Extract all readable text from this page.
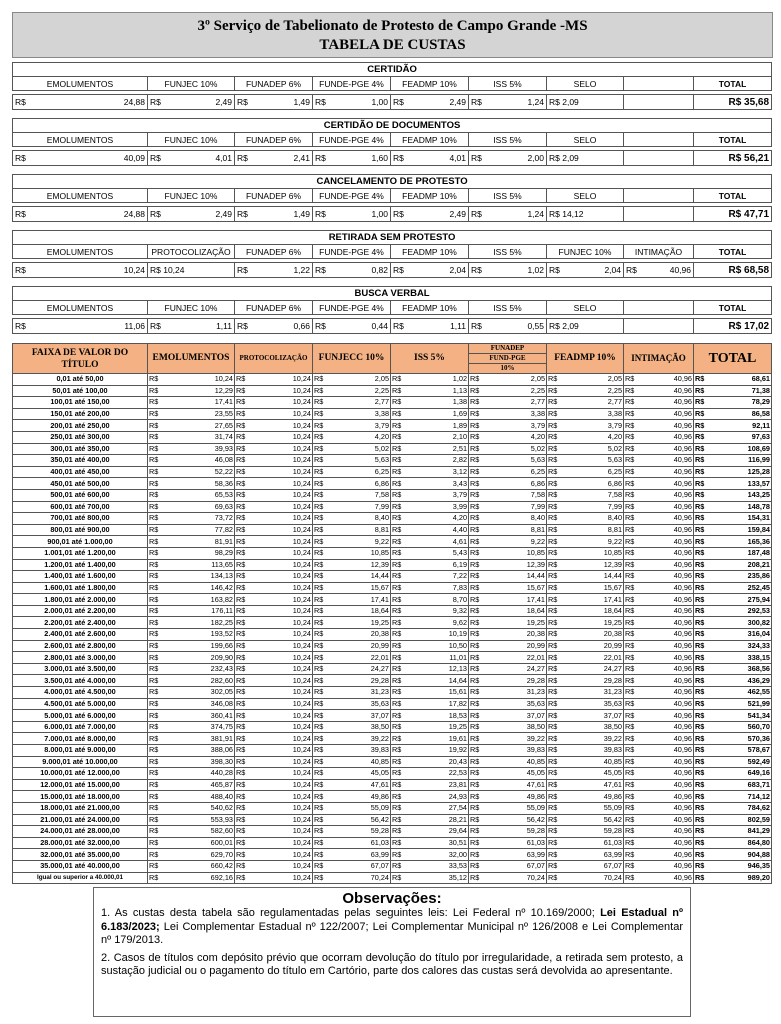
3º Serviço de Tabelionato de Protesto de Campo Grande -MS
TABELA DE CUSTAS
CERTIDÃO								
EMOLUMENTOS	FUNJEC 10%	FUNADEP 6%	FUNDE-PGE 4%	FEADMP 10%	ISS 5%	SELO		TOTAL

R$ 24,88	R$ 2,49	R$ 1,49	R$ 1,00	R$ 2,49	R$ 1,24	R$ 2,09		R$ 35,68
CERTIDÃO DE DOCUMENTOS								
EMOLUMENTOS	FUNJEC 10%	FUNADEP 6%	FUNDE-PGE 4%	FEADMP 10%	ISS 5%	SELO		TOTAL

R$ 40,09	R$ 4,01	R$ 2,41	R$ 1,60	R$ 4,01	R$ 2,00	R$ 2,09		R$ 56,21
CANCELAMENTO DE PROTESTO								
EMOLUMENTOS	FUNJEC 10%	FUNADEP 6%	FUNDE-PGE 4%	FEADMP 10%	ISS 5%	SELO		TOTAL

R$ 24,88	R$ 2,49	R$ 1,49	R$ 1,00	R$ 2,49	R$ 1,24	R$ 14,12		R$ 47,71
RETIRADA SEM PROTESTO								
EMOLUMENTOS	PROTOCOLIZAÇÃO	FUNADEP 6%	FUNDE-PGE 4%	FEADMP 10%	ISS 5%	FUNJEC 10%	INTIMAÇÃO	TOTAL

R$ 10,24	R$ 10,24	R$ 1,22	R$ 0,82	R$ 2,04	R$ 1,02	R$ 2,04	R$ 40,96	R$ 68,58
BUSCA VERBAL								
EMOLUMENTOS	FUNJEC 10%	FUNADEP 6%	FUNDE-PGE 4%	FEADMP 10%	ISS 5%	SELO		TOTAL

R$ 11,06	R$ 1,11	R$ 0,66	R$ 0,44	R$ 1,11	R$ 0,55	R$ 2,09		R$ 17,02
FAIXA DE VALOR DO TÍTULO	EMOLUMENTOS	PROTOCOLIZAÇÃO	FUNJECC 10%	ISS 5%	FUNADEP	FEADMP 10%	INTIMAÇÃO	TOTAL
					FUND-PGE			
					10%			
0,01 até 50,00	R$ 10,24	R$ 10,24	R$ 2,05	R$ 1,02	R$ 2,05	R$ 2,05	R$ 40,96	R$ 68,61

50,01 até 100,00	R$ 12,29	R$ 10,24	R$ 2,25	R$ 1,13	R$ 2,25	R$ 2,25	R$ 40,96	R$ 71,38

100,01 até 150,00	R$ 17,41	R$ 10,24	R$ 2,77	R$ 1,38	R$ 2,77	R$ 2,77	R$ 40,96	R$ 78,29

150,01 até 200,00	R$ 23,55	R$ 10,24	R$ 3,38	R$ 1,69	R$ 3,38	R$ 3,38	R$ 40,96	R$ 86,58

200,01 até 250,00	R$ 27,65	R$ 10,24	R$ 3,79	R$ 1,89	R$ 3,79	R$ 3,79	R$ 40,96	R$ 92,11

250,01 até 300,00	R$ 31,74	R$ 10,24	R$ 4,20	R$ 2,10	R$ 4,20	R$ 4,20	R$ 40,96	R$ 97,63

300,01 até 350,00	R$ 39,93	R$ 10,24	R$ 5,02	R$ 2,51	R$ 5,02	R$ 5,02	R$ 40,96	R$ 108,69

350,01 até 400,00	R$ 46,08	R$ 10,24	R$ 5,63	R$ 2,82	R$ 5,63	R$ 5,63	R$ 40,96	R$ 116,99

400,01 até 450,00	R$ 52,22	R$ 10,24	R$ 6,25	R$ 3,12	R$ 6,25	R$ 6,25	R$ 40,96	R$ 125,28

450,01 até 500,00	R$ 58,36	R$ 10,24	R$ 6,86	R$ 3,43	R$ 6,86	R$ 6,86	R$ 40,96	R$ 133,57

500,01 até 600,00	R$ 65,53	R$ 10,24	R$ 7,58	R$ 3,79	R$ 7,58	R$ 7,58	R$ 40,96	R$ 143,25

600,01 até 700,00	R$ 69,63	R$ 10,24	R$ 7,99	R$ 3,99	R$ 7,99	R$ 7,99	R$ 40,96	R$ 148,78

700,01 até 800,00	R$ 73,72	R$ 10,24	R$ 8,40	R$ 4,20	R$ 8,40	R$ 8,40	R$ 40,96	R$ 154,31

800,01 até 900,00	R$ 77,82	R$ 10,24	R$ 8,81	R$ 4,40	R$ 8,81	R$ 8,81	R$ 40,96	R$ 159,84

900,01 até 1.000,00	R$ 81,91	R$ 10,24	R$ 9,22	R$ 4,61	R$ 9,22	R$ 9,22	R$ 40,96	R$ 165,36

1.001,01 até 1.200,00	R$ 98,29	R$ 10,24	R$ 10,85	R$ 5,43	R$ 10,85	R$ 10,85	R$ 40,96	R$ 187,48

1.200,01 até 1.400,00	R$ 113,65	R$ 10,24	R$ 12,39	R$ 6,19	R$ 12,39	R$ 12,39	R$ 40,96	R$ 208,21

1.400,01 até 1.600,00	R$ 134,13	R$ 10,24	R$ 14,44	R$ 7,22	R$ 14,44	R$ 14,44	R$ 40,96	R$ 235,86

1.600,01 até 1.800,00	R$ 146,42	R$ 10,24	R$ 15,67	R$ 7,83	R$ 15,67	R$ 15,67	R$ 40,96	R$ 252,45

1.800,01 até 2.000,00	R$ 163,82	R$ 10,24	R$ 17,41	R$ 8,70	R$ 17,41	R$ 17,41	R$ 40,96	R$ 275,94

2.000,01 até 2.200,00	R$ 176,11	R$ 10,24	R$ 18,64	R$ 9,32	R$ 18,64	R$ 18,64	R$ 40,96	R$ 292,53

2.200,01 até 2.400,00	R$ 182,25	R$ 10,24	R$ 19,25	R$ 9,62	R$ 19,25	R$ 19,25	R$ 40,96	R$ 300,82

2.400,01 até 2.600,00	R$ 193,52	R$ 10,24	R$ 20,38	R$ 10,19	R$ 20,38	R$ 20,38	R$ 40,96	R$ 316,04

2.600,01 até 2.800,00	R$ 199,66	R$ 10,24	R$ 20,99	R$ 10,50	R$ 20,99	R$ 20,99	R$ 40,96	R$ 324,33

2.800,01 até 3.000,00	R$ 209,90	R$ 10,24	R$ 22,01	R$ 11,01	R$ 22,01	R$ 22,01	R$ 40,96	R$ 338,15

3.000,01 até 3.500,00	R$ 232,43	R$ 10,24	R$ 24,27	R$ 12,13	R$ 24,27	R$ 24,27	R$ 40,96	R$ 368,56

3.500,01 até 4.000,00	R$ 282,60	R$ 10,24	R$ 29,28	R$ 14,64	R$ 29,28	R$ 29,28	R$ 40,96	R$ 436,29

4.000,01 até 4.500,00	R$ 302,05	R$ 10,24	R$ 31,23	R$ 15,61	R$ 31,23	R$ 31,23	R$ 40,96	R$ 462,55

4.500,01 até 5.000,00	R$ 346,08	R$ 10,24	R$ 35,63	R$ 17,82	R$ 35,63	R$ 35,63	R$ 40,96	R$ 521,99

5.000,01 até 6.000,00	R$ 360,41	R$ 10,24	R$ 37,07	R$ 18,53	R$ 37,07	R$ 37,07	R$ 40,96	R$ 541,34

6.000,01 até 7.000,00	R$ 374,75	R$ 10,24	R$ 38,50	R$ 19,25	R$ 38,50	R$ 38,50	R$ 40,96	R$ 560,70

7.000,01 até 8.000,00	R$ 381,91	R$ 10,24	R$ 39,22	R$ 19,61	R$ 39,22	R$ 39,22	R$ 40,96	R$ 570,36

8.000,01 até 9.000,00	R$ 388,06	R$ 10,24	R$ 39,83	R$ 19,92	R$ 39,83	R$ 39,83	R$ 40,96	R$ 578,67

9.000,01 até 10.000,00	R$ 398,30	R$ 10,24	R$ 40,85	R$ 20,43	R$ 40,85	R$ 40,85	R$ 40,96	R$ 592,49

10.000,01 até 12.000,00	R$ 440,28	R$ 10,24	R$ 45,05	R$ 22,53	R$ 45,05	R$ 45,05	R$ 40,96	R$ 649,16

12.000,01 até 15.000,00	R$ 465,87	R$ 10,24	R$ 47,61	R$ 23,81	R$ 47,61	R$ 47,61	R$ 40,96	R$ 683,71

15.000,01 até 18.000,00	R$ 488,40	R$ 10,24	R$ 49,86	R$ 24,93	R$ 49,86	R$ 49,86	R$ 40,96	R$ 714,12

18.000,01 até 21.000,00	R$ 540,62	R$ 10,24	R$ 55,09	R$ 27,54	R$ 55,09	R$ 55,09	R$ 40,96	R$ 784,62

21.000,01 até 24.000,00	R$ 553,93	R$ 10,24	R$ 56,42	R$ 28,21	R$ 56,42	R$ 56,42	R$ 40,96	R$ 802,59

24.000,01 até 28.000,00	R$ 582,60	R$ 10,24	R$ 59,28	R$ 29,64	R$ 59,28	R$ 59,28	R$ 40,96	R$ 841,29

28.000,01 até 32.000,00	R$ 600,01	R$ 10,24	R$ 61,03	R$ 30,51	R$ 61,03	R$ 61,03	R$ 40,96	R$ 864,80

32.000,01 até 35.000,00	R$ 629,70	R$ 10,24	R$ 63,99	R$ 32,00	R$ 63,99	R$ 63,99	R$ 40,96	R$ 904,88

35.000,01 até 40.000,00	R$ 660,42	R$ 10,24	R$ 67,07	R$ 33,53	R$ 67,07	R$ 67,07	R$ 40,96	R$ 946,35

Igual ou superior a 40.000,01	R$ 692,16	R$ 10,24	R$ 70,24	R$ 35,12	R$ 70,24	R$ 70,24	R$ 40,96	R$ 989,20
Observações:

1. As custas desta tabela são regulamentadas pelas seguintes leis: Lei Federal nº 10.169/2000; Lei Estadual nº 6.183/2023; Lei Complementar Estadual nº 122/2007; Lei Complementar Municipal nº 126/2008 e Lei Complementar nº 179/2013.

2. Casos de títulos com depósito prévio que ocorram devolução do título por irregularidade, a retirada sem protesto, a sustação judicial ou o pagamento do título em Cartório, parte dos calores das custas será devolvida ao apresentante.
